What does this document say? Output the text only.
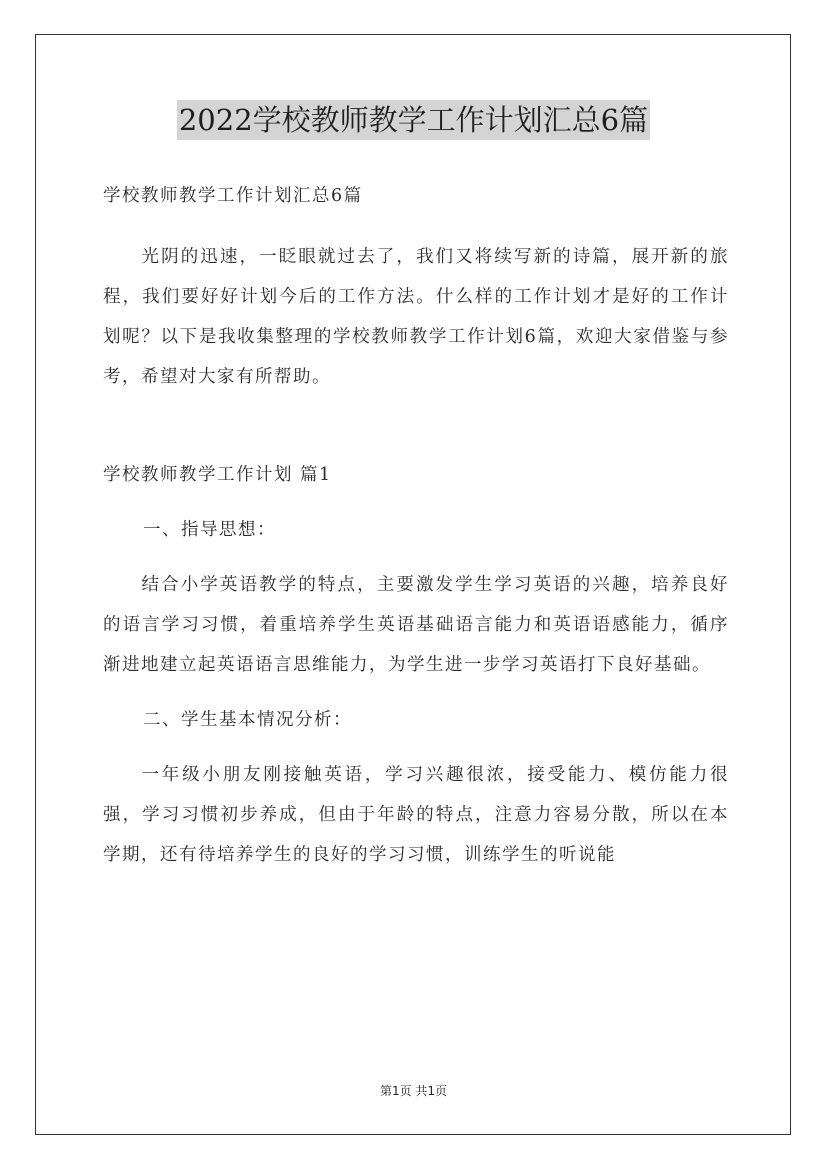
2022学校教师教学工作计划汇总6篇

学校教师教学工作计划汇总6篇

光阴的迅速，一眨眼就过去了，我们又将续写新的诗篇，展开新的旅程，我们要好好计划今后的工作方法。什么样的工作计划才是好的工作计划呢？以下是我收集整理的学校教师教学工作计划6篇，欢迎大家借鉴与参考，希望对大家有所帮助。

学校教师教学工作计划 篇1

一、指导思想：

结合小学英语教学的特点，主要激发学生学习英语的兴趣，培养良好的语言学习习惯，着重培养学生英语基础语言能力和英语语感能力，循序渐进地建立起英语语言思维能力，为学生进一步学习英语打下良好基础。

二、学生基本情况分析：

一年级小朋友刚接触英语，学习兴趣很浓，接受能力、模仿能力很强，学习习惯初步养成，但由于年龄的特点，注意力容易分散，所以在本学期，还有待培养学生的良好的学习习惯，训练学生的听说能

第1页 共1页
